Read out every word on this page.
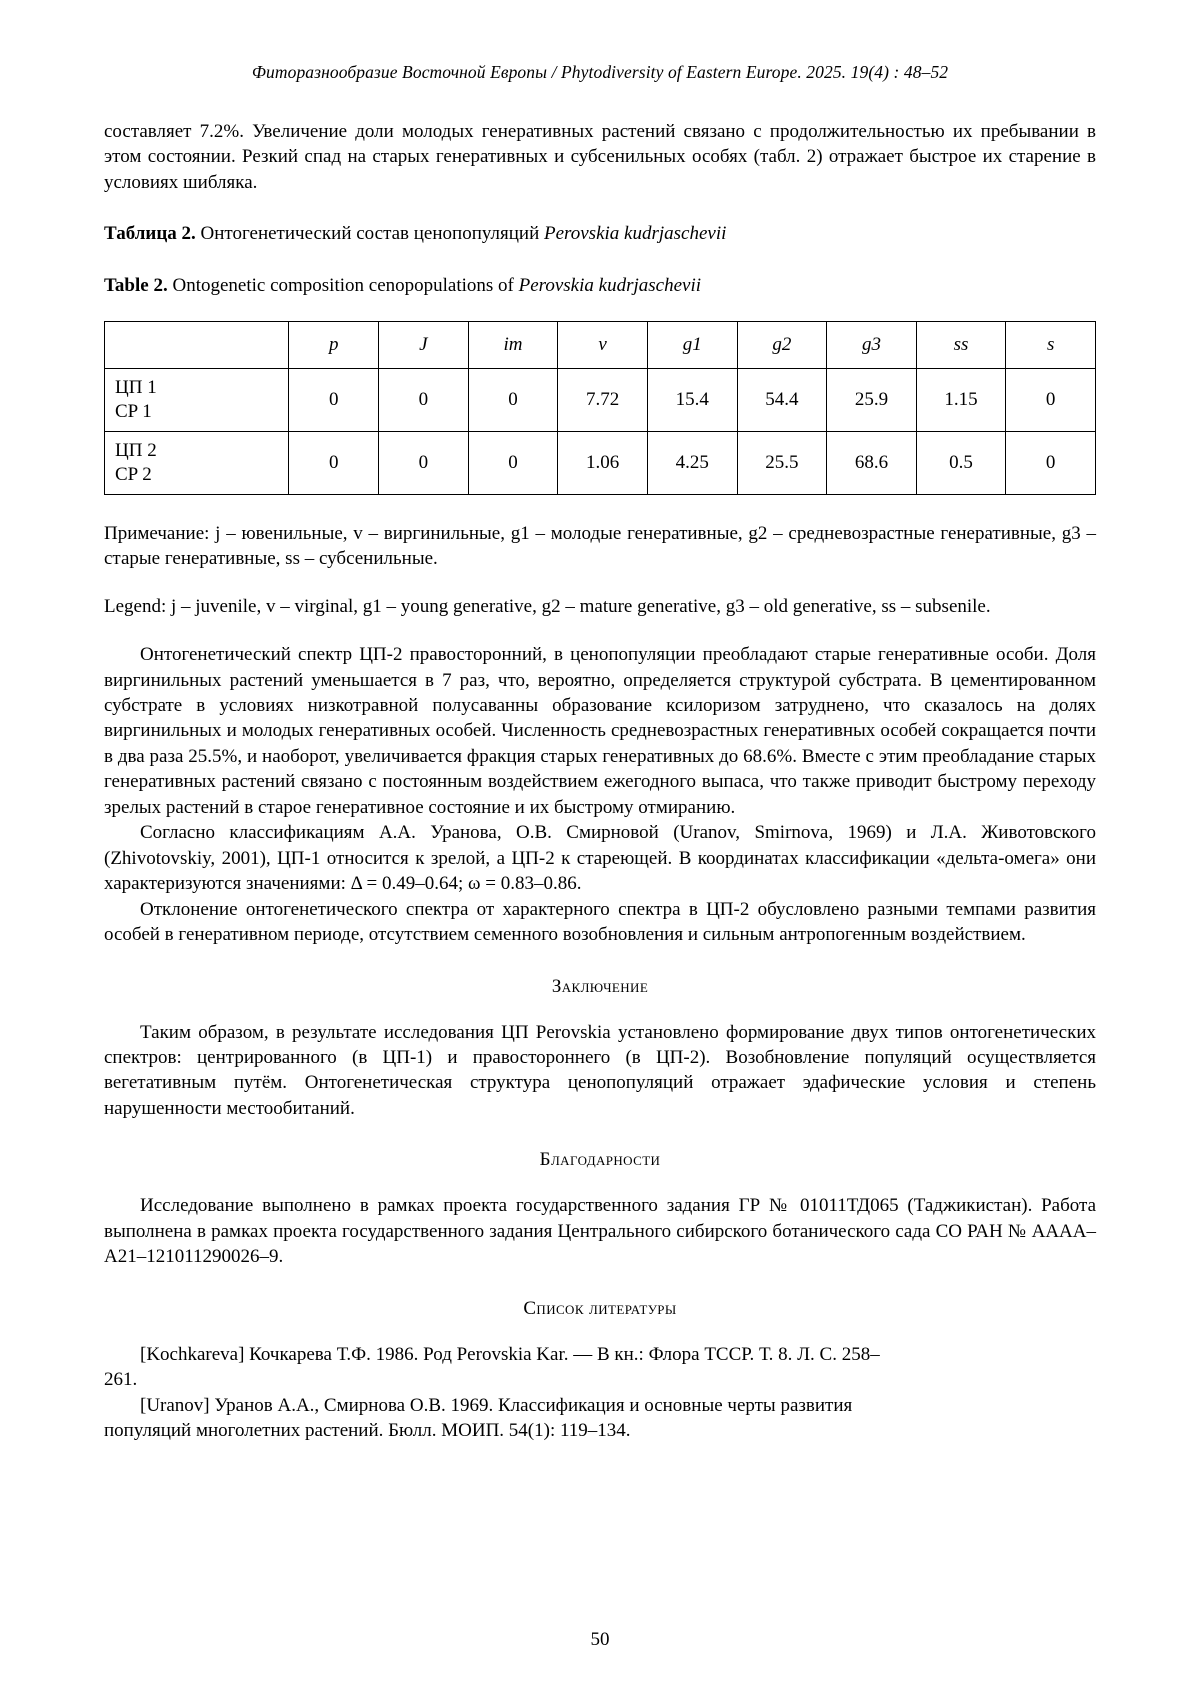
Фиторазнообразие Восточной Европы / Phytodiversity of Eastern Europe. 2025. 19(4) : 48–52

составляет 7.2%. Увеличение доли молодых генеративных растений связано с продолжительностью их пребывании в этом состоянии. Резкий спад на старых генеративных и субсенильных особях (табл. 2) отражает быстрое их старение в условиях шибляка.

Таблица 2. Онтогенетический состав ценопопуляций Perovskia kudrjaschevii
Table 2. Ontogenetic composition cenopopulations of Perovskia kudrjaschevii
	p	J	im	v	g1	g2	g3	ss	s
ЦП 1
CP 1	0	0	0	7.72	15.4	54.4	25.9	1.15	0
ЦП 2
CP 2	0	0	0	1.06	4.25	25.5	68.6	0.5	0
Примечание: j – ювенильные, v – виргинильные, g1 – молодые генеративные, g2 – средневозрастные генеративные, g3 – старые генеративные, ss – субсенильные.
Legend: j – juvenile, v – virginal, g1 – young generative, g2 – mature generative, g3 – old generative, ss – subsenile.

Онтогенетический спектр ЦП-2 правосторонний, в ценопопуляции преобладают старые генеративные особи. Доля виргинильных растений уменьшается в 7 раз, что, вероятно, определяется структурой субстрата. В цементированном субстрате в условиях низкотравной полусаванны образование ксилоризом затруднено, что сказалось на долях виргинильных и молодых генеративных особей. Численность средневозрастных генеративных особей сокращается почти в два раза 25.5%, и наоборот, увеличивается фракция старых генеративных до 68.6%. Вместе с этим преобладание старых генеративных растений связано с постоянным воздействием ежегодного выпаса, что также приводит быстрому переходу зрелых растений в старое генеративное состояние и их быстрому отмиранию.

Согласно классификациям А.А. Уранова, О.В. Смирновой (Uranov, Smirnova, 1969) и Л.А. Животовского (Zhivotovskiy, 2001), ЦП-1 относится к зрелой, а ЦП-2 к стареющей. В координатах классификации «дельта-омега» они характеризуются значениями: Δ = 0.49–0.64; ω = 0.83–0.86.

Отклонение онтогенетического спектра от характерного спектра в ЦП-2 обусловлено разными темпами развития особей в генеративном периоде, отсутствием семенного возобновления и сильным антропогенным воздействием.

Заключение

Таким образом, в результате исследования ЦП Perovskia установлено формирование двух типов онтогенетических спектров: центрированного (в ЦП-1) и правостороннего (в ЦП-2). Возобновление популяций осуществляется вегетативным путём. Онтогенетическая структура ценопопуляций отражает эдафические условия и степень нарушенности местообитаний.

Благодарности

Исследование выполнено в рамках проекта государственного задания ГР № 01011ТД065 (Таджикистан). Работа выполнена в рамках проекта государственного задания Центрального сибирского ботанического сада СО РАН № АААА–А21–121011290026–9.

Список литературы

[Kochkareva] Кочкарева Т.Ф. 1986. Род Perovskia Kar. — В кн.: Флора ТССР. Т. 8. Л. С. 258–

261.

[Uranov] Уранов А.А., Смирнова О.В. 1969. Классификация и основные черты развития

популяций многолетних растений. Бюлл. МОИП. 54(1): 119–134.

50
